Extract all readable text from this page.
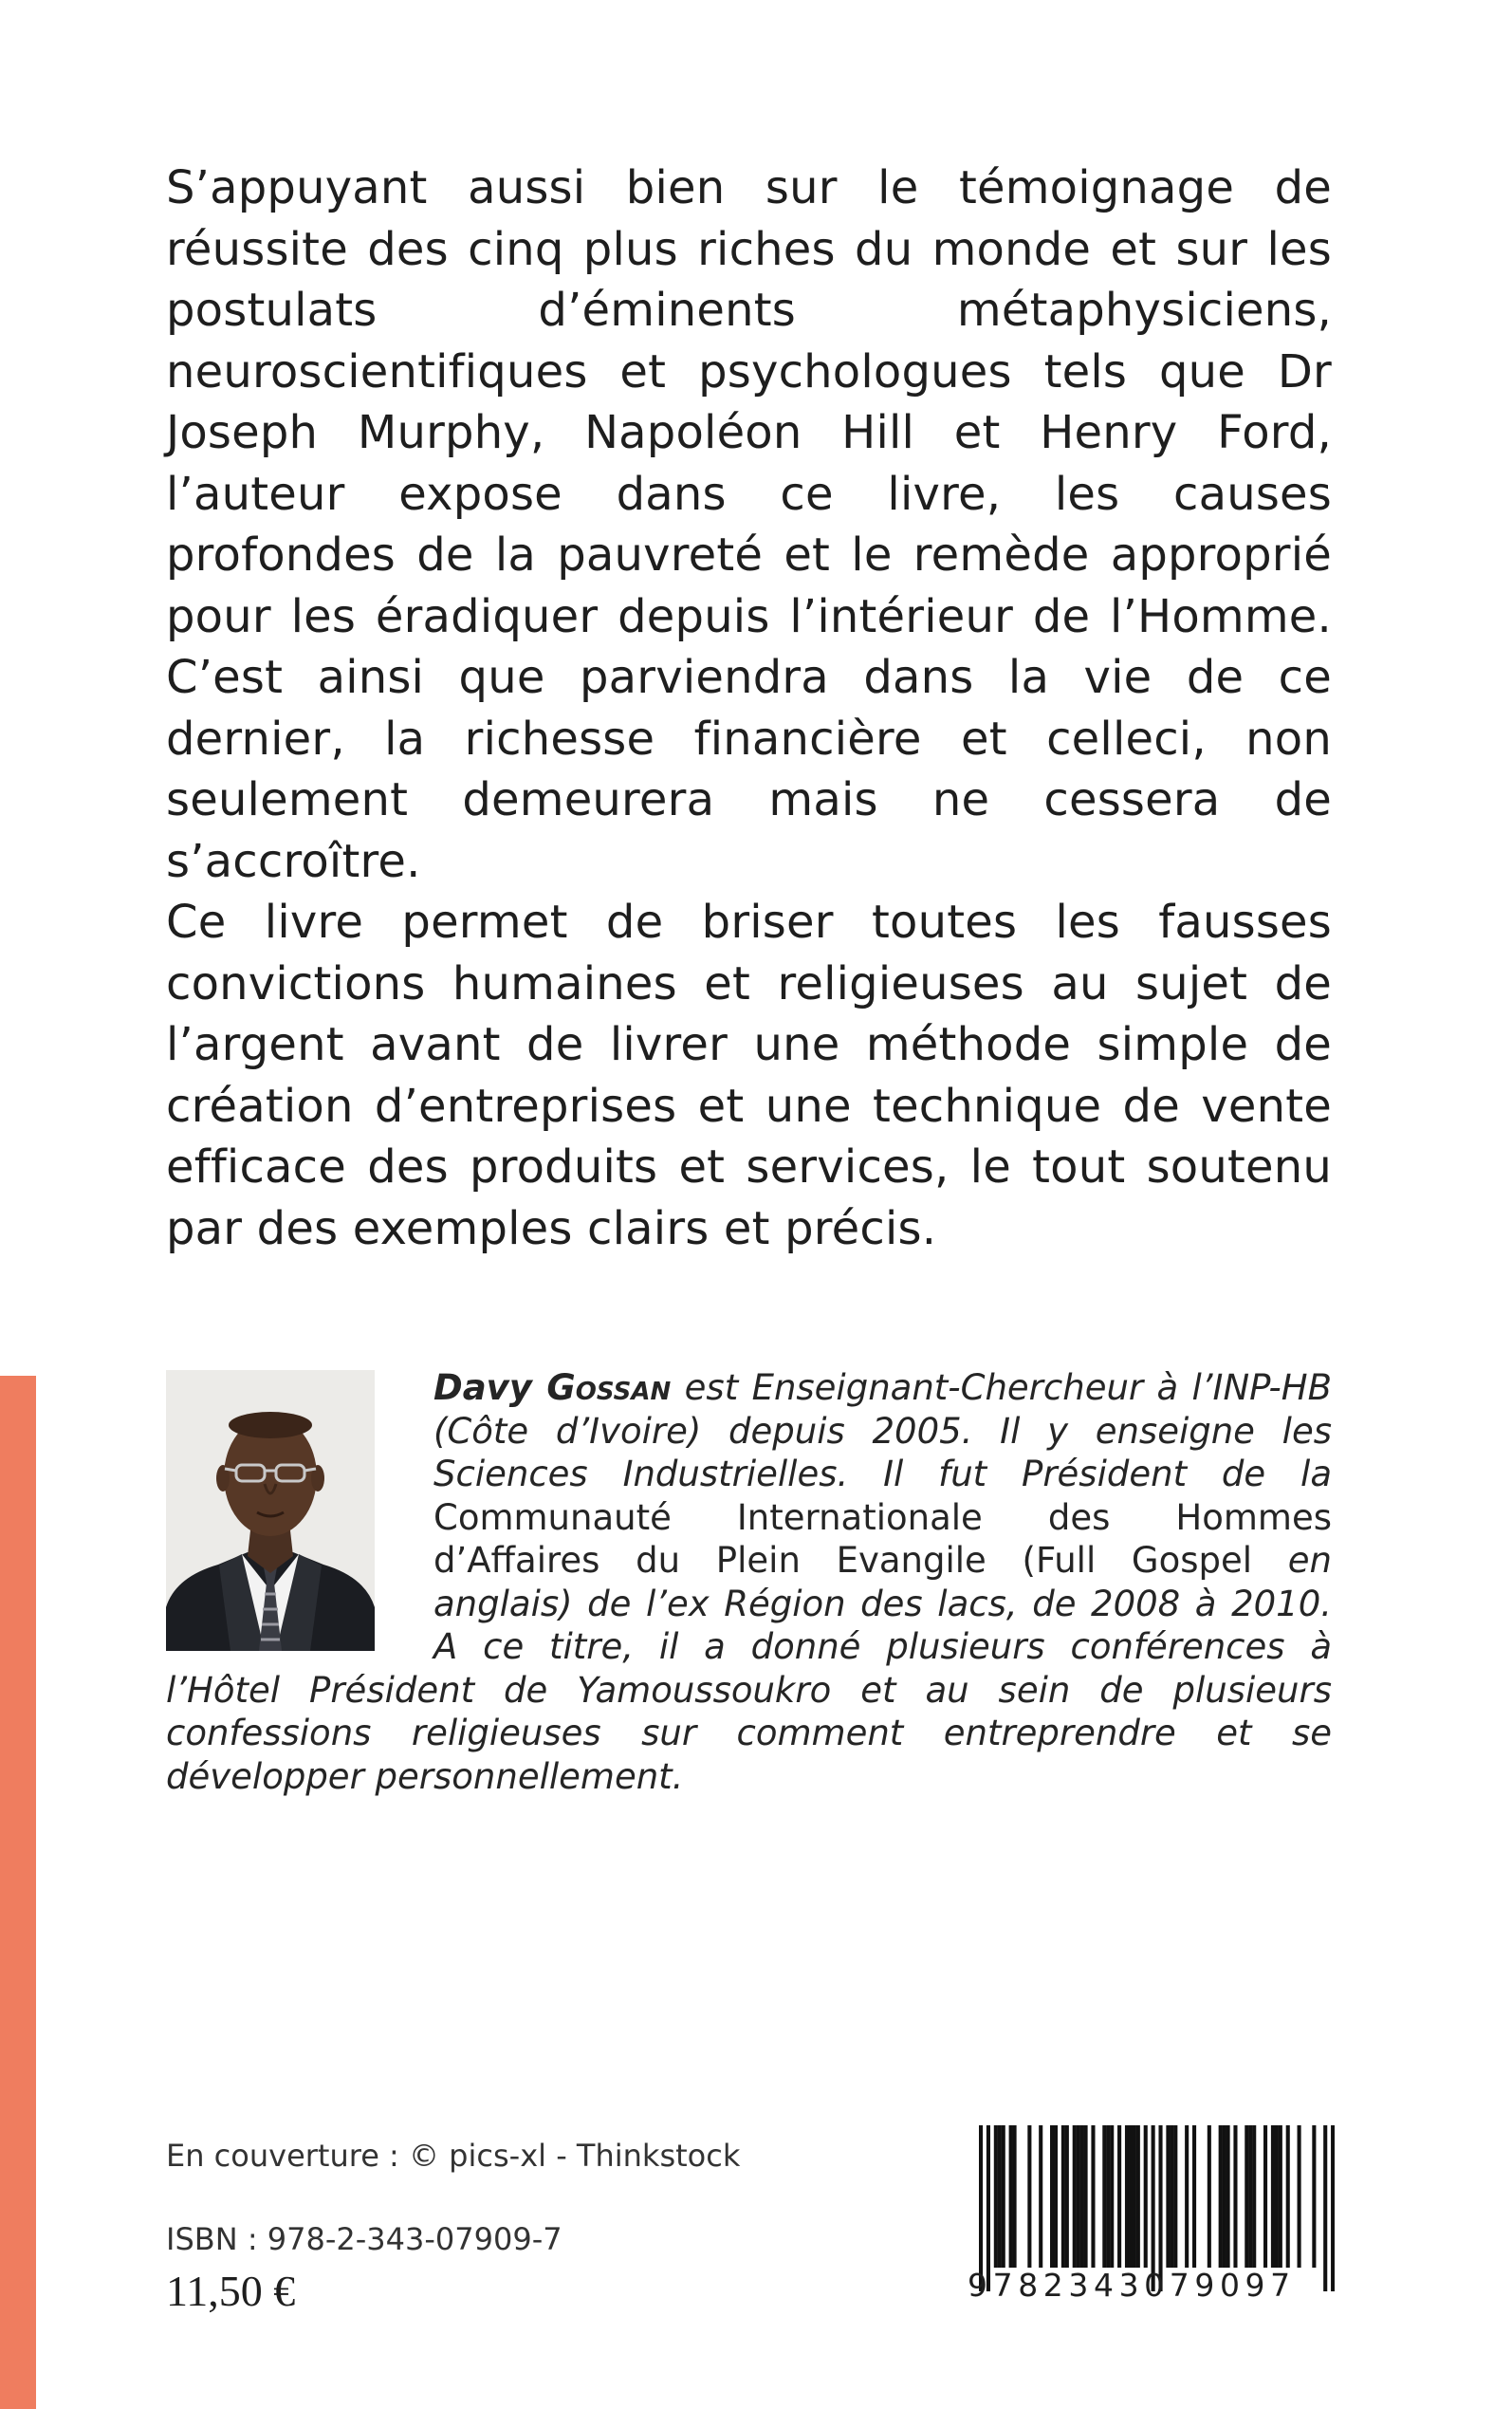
S’appuyant aussi bien sur le témoignage de réussite des cinq plus riches du monde et sur les postulats d’éminents métaphysiciens, neuroscientifiques et psychologues tels que Dr Joseph Murphy, Napoléon Hill et Henry Ford, l’auteur expose dans ce livre, les causes profondes de la pauvreté et le remède approprié pour les éradiquer depuis l’intérieur de l’Homme. C’est ainsi que parviendra dans la vie de ce dernier, la richesse financière et celleci, non seulement demeurera mais ne cessera de s’accroître.

Ce livre permet de briser toutes les fausses convictions humaines et religieuses au sujet de l’argent avant de livrer une méthode simple de création d’entreprises et une technique de vente efficace des produits et services, le tout soutenu par des exemples clairs et précis.

Davy Gossan est Enseignant-Chercheur à l’INP-HB (Côte d’Ivoire) depuis 2005. Il y enseigne les Sciences Industrielles. Il fut Président de la Communauté Internationale des Hommes d’Affaires du Plein Evangile (Full Gospel en anglais) de l’ex Région des lacs, de 2008 à 2010. A ce titre, il a donné plusieurs conférences à l’Hôtel Président de Yamoussoukro et au sein de plusieurs confessions religieuses sur comment entreprendre et se développer personnellement.
En couverture : © pics-xl - Thinkstock
ISBN : 978-2-343-07909-7
11,50 €	9782343079097
